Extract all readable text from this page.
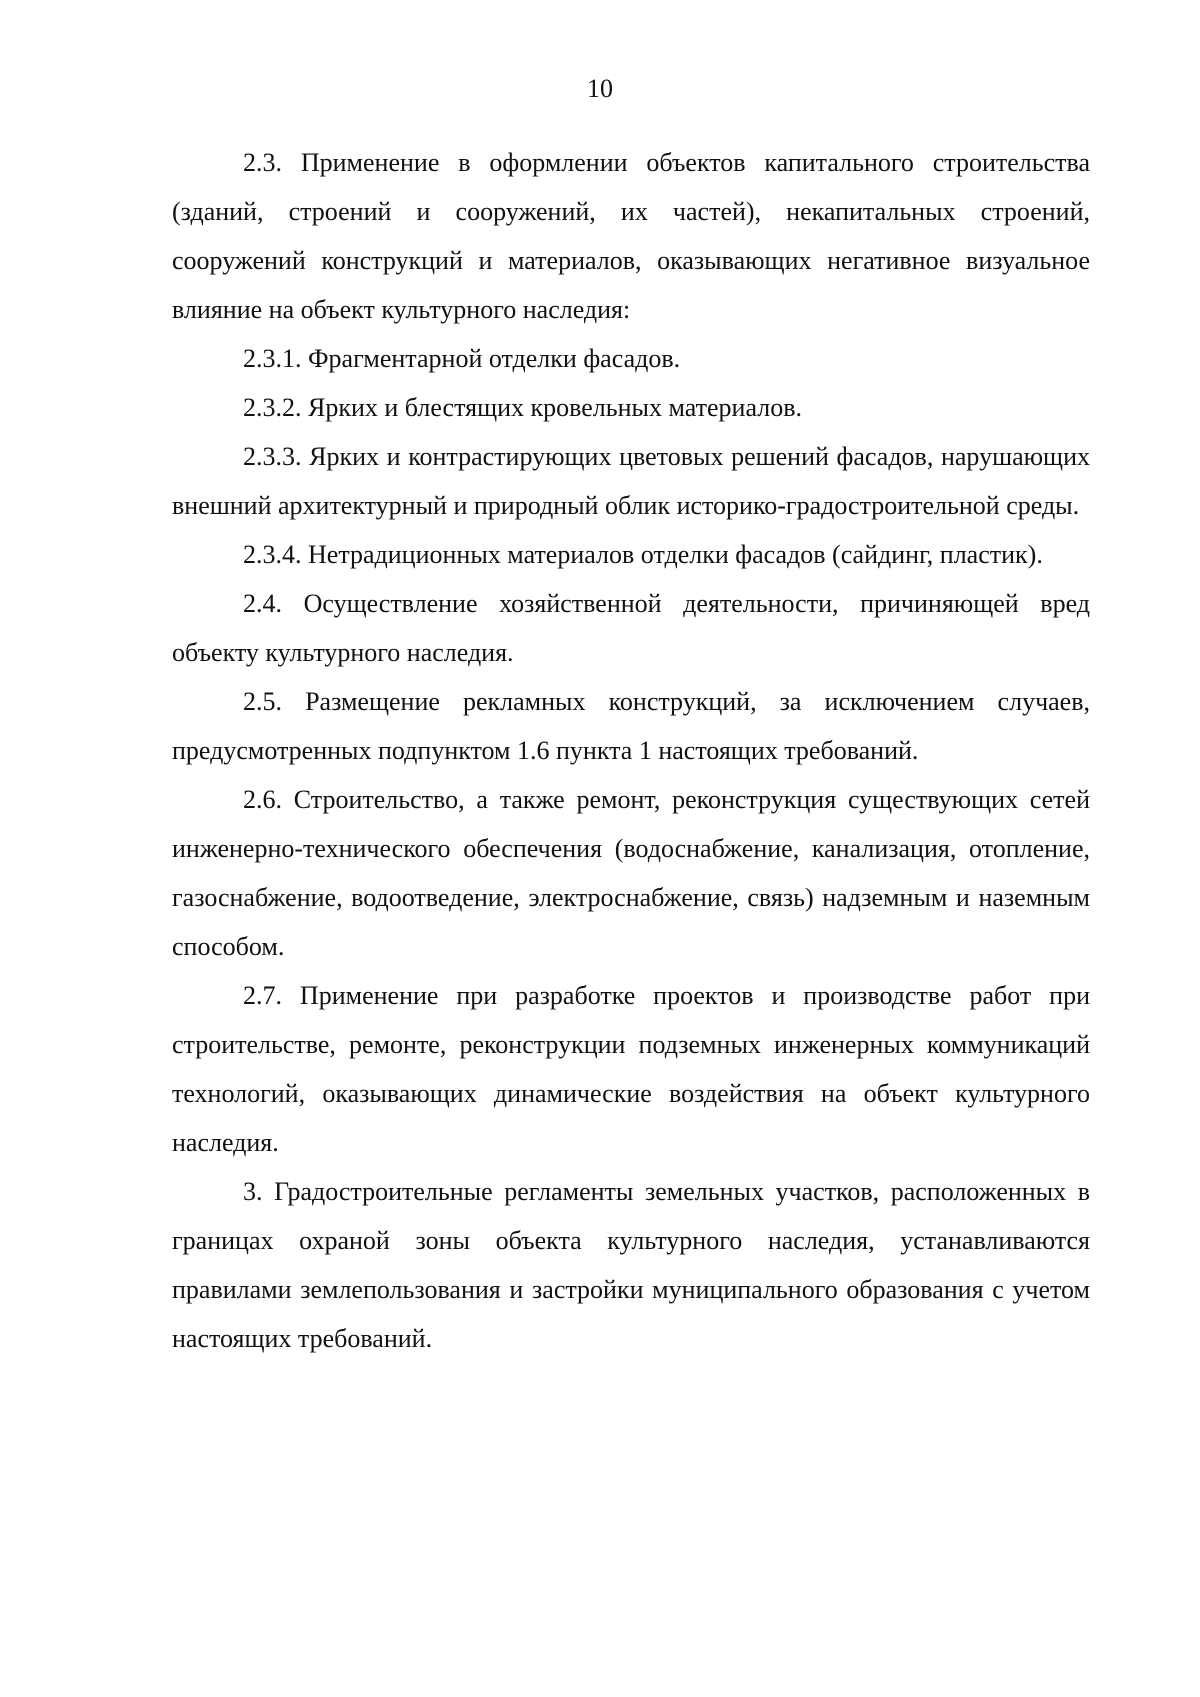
10

2.3. Применение в оформлении объектов капитального строительства (зданий, строений и сооружений, их частей), некапитальных строений, сооружений конструкций и материалов, оказывающих негативное визуальное влияние на объект культурного наследия:

2.3.1. Фрагментарной отделки фасадов.

2.3.2. Ярких и блестящих кровельных материалов.

2.3.3. Ярких и контрастирующих цветовых решений фасадов, нарушающих внешний архитектурный и природный облик историко-градостроительной среды.

2.3.4. Нетрадиционных материалов отделки фасадов (сайдинг, пластик).

2.4. Осуществление хозяйственной деятельности, причиняющей вред объекту культурного наследия.

2.5. Размещение рекламных конструкций, за исключением случаев, предусмотренных подпунктом 1.6 пункта 1 настоящих требований.

2.6. Строительство, а также ремонт, реконструкция существующих сетей инженерно-технического обеспечения (водоснабжение, канализация, отопление, газоснабжение, водоотведение, электроснабжение, связь) надземным и наземным способом.

2.7. Применение при разработке проектов и производстве работ при строительстве, ремонте, реконструкции подземных инженерных коммуникаций технологий, оказывающих динамические воздействия на объект культурного наследия.

3. Градостроительные регламенты земельных участков, расположенных в границах охраной зоны объекта культурного наследия, устанавливаются правилами землепользования и застройки муниципального образования с учетом настоящих требований.
